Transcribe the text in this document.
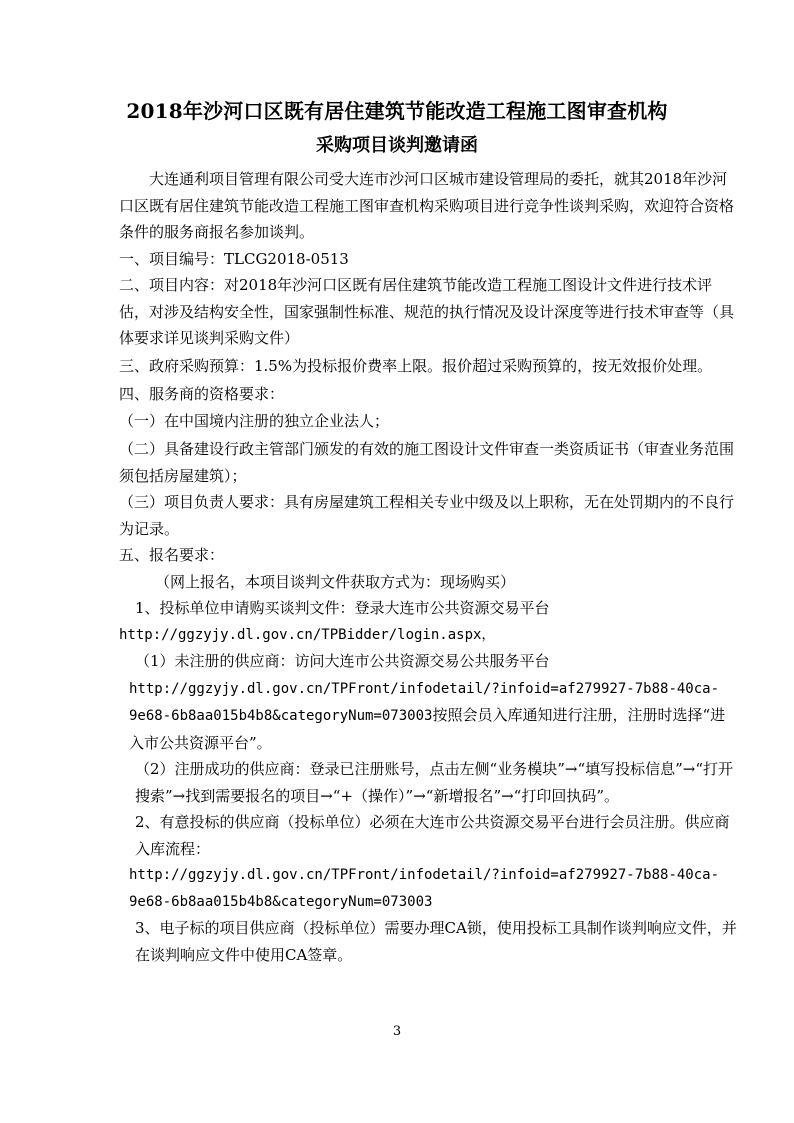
2018年沙河口区既有居住建筑节能改造工程施工图审查机构
采购项目谈判邀请函

大连通利项目管理有限公司受大连市沙河口区城市建设管理局的委托，就其2018年沙河口区既有居住建筑节能改造工程施工图审查机构采购项目进行竞争性谈判采购，欢迎符合资格条件的服务商报名参加谈判。

一、项目编号：TLCG2018-0513

二、项目内容：对2018年沙河口区既有居住建筑节能改造工程施工图设计文件进行技术评估，对涉及结构安全性，国家强制性标准、规范的执行情况及设计深度等进行技术审查等（具体要求详见谈判采购文件）

三、政府采购预算：1.5%为投标报价费率上限。报价超过采购预算的，按无效报价处理。

四、服务商的资格要求：

（一）在中国境内注册的独立企业法人；

（二）具备建设行政主管部门颁发的有效的施工图设计文件审查一类资质证书（审查业务范围须包括房屋建筑）；

（三）项目负责人要求：具有房屋建筑工程相关专业中级及以上职称，无在处罚期内的不良行为记录。

五、报名要求：

（网上报名，本项目谈判文件获取方式为：现场购买）

1、投标单位申请购买谈判文件：登录大连市公共资源交易平台

http://ggzyjy.dl.gov.cn/TPBidder/login.aspx，

（1）未注册的供应商：访问大连市公共资源交易公共服务平台

http://ggzyjy.dl.gov.cn/TPFront/infodetail/?infoid=af279927-7b88-40ca-9e68-6b8aa015b4b8&categoryNum=073003按照会员入库通知进行注册，注册时选择“进入市公共资源平台”。

（2）注册成功的供应商：登录已注册账号，点击左侧“业务模块”→“填写投标信息”→“打开搜索”→找到需要报名的项目→“+（操作）”→“新增报名”→“打印回执码”。

2、有意投标的供应商（投标单位）必须在大连市公共资源交易平台进行会员注册。供应商入库流程：

http://ggzyjy.dl.gov.cn/TPFront/infodetail/?infoid=af279927-7b88-40ca-9e68-6b8aa015b4b8&categoryNum=073003

3、电子标的项目供应商（投标单位）需要办理CA锁，使用投标工具制作谈判响应文件，并在谈判响应文件中使用CA签章。

3
